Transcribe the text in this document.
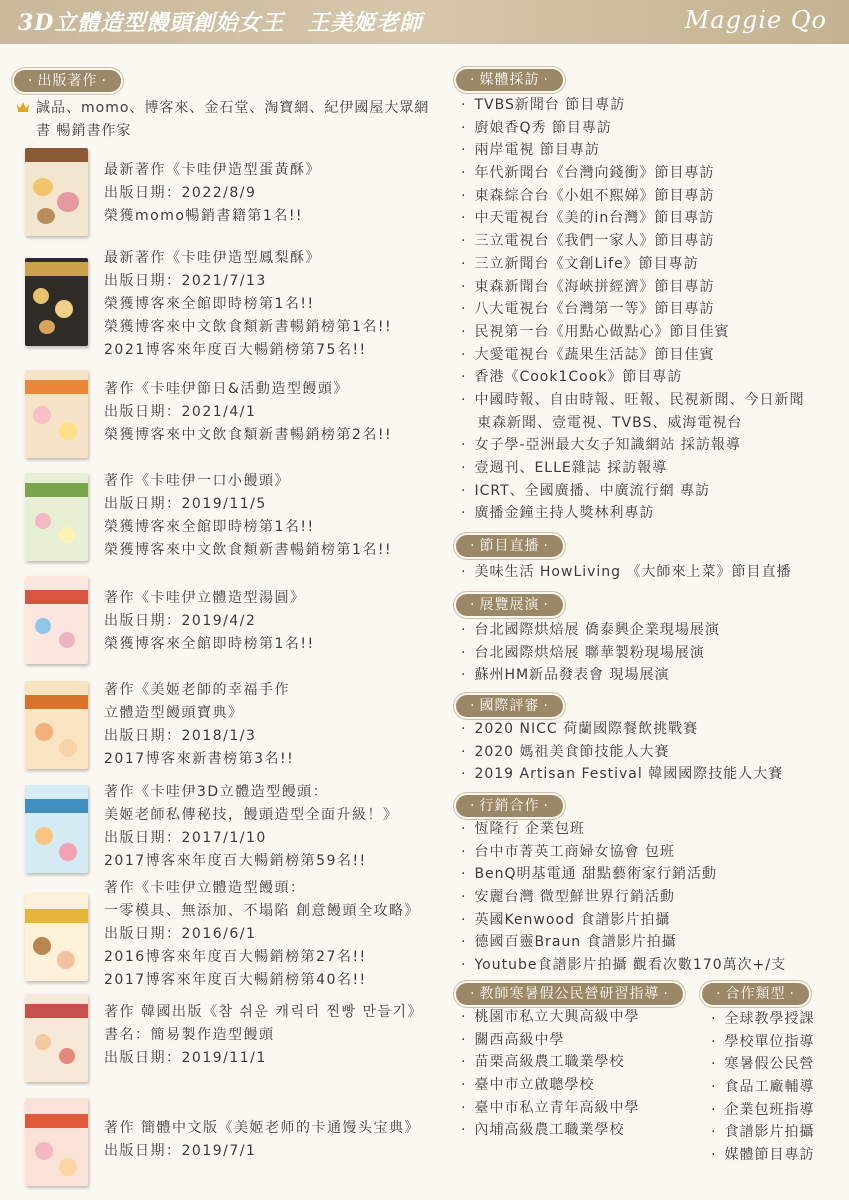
3D立體造型饅頭創始女王　王美姬老師	Maggie Qo
· 出版著作 ·
誠品、momo、博客來、金石堂、淘寶網、紀伊國屋大眾網書 暢銷書作家
最新著作《卡哇伊造型蛋黃酥》
出版日期：2022/8/9
榮獲momo暢銷書籍第1名!!
最新著作《卡哇伊造型鳳梨酥》
出版日期：2021/7/13
榮獲博客來全館即時榜第1名!!
榮獲博客來中文飲食類新書暢銷榜第1名!!
2021博客來年度百大暢銷榜第75名!!
著作《卡哇伊節日&活動造型饅頭》
出版日期：2021/4/1
榮獲博客來中文飲食類新書暢銷榜第2名!!
著作《卡哇伊一口小饅頭》
出版日期：2019/11/5
榮獲博客來全館即時榜第1名!!
榮獲博客來中文飲食類新書暢銷榜第1名!!
著作《卡哇伊立體造型湯圓》
出版日期：2019/4/2
榮獲博客來全館即時榜第1名!!
著作《美姬老師的幸福手作
立體造型饅頭寶典》
出版日期：2018/1/3
2017博客來新書榜第3名!!
著作《卡哇伊3D立體造型饅頭：
美姬老師私傳秘技，饅頭造型全面升級！》
出版日期：2017/1/10
2017博客來年度百大暢銷榜第59名!!
著作《卡哇伊立體造型饅頭：
一零模具、無添加、不塌陷 創意饅頭全攻略》
出版日期：2016/6/1
2016博客來年度百大暢銷榜第27名!!
2017博客來年度百大暢銷榜第40名!!
著作 韓國出版《참 쉬운 캐릭터 찐빵 만들기》
書名：簡易製作造型饅頭
出版日期：2019/11/1
著作 簡體中文版《美姬老师的卡通馒头宝典》
出版日期：2019/7/1
· 媒體採訪 ·
· TVBS新聞台 節目專訪
· 廚娘香Q秀 節目專訪
· 兩岸電視 節目專訪
· 年代新聞台《台灣向錢衝》節目專訪
· 東森綜合台《小姐不熙娣》節目專訪
· 中天電視台《美的in台灣》節目專訪
· 三立電視台《我們一家人》節目專訪
· 三立新聞台《文創Life》節目專訪
· 東森新聞台《海峽拼經濟》節目專訪
· 八大電視台《台灣第一等》節目專訪
· 民視第一台《用點心做點心》節目佳賓
· 大愛電視台《蔬果生活誌》節目佳賓
· 香港《Cook1Cook》節目專訪
· 中國時報、自由時報、旺報、民視新聞、今日新聞
東森新聞、壹電視、TVBS、威海電視台
· 女子學-亞洲最大女子知識網站 採訪報導
· 壹週刊、ELLE雜誌 採訪報導
· ICRT、全國廣播、中廣流行網 專訪
· 廣播金鐘主持人獎林利專訪
· 節目直播 ·
· 美味生活 HowLiving 《大師來上菜》節目直播
· 展覽展演 ·
· 台北國際烘焙展 僑泰興企業現場展演
· 台北國際烘焙展 聯華製粉現場展演
· 蘇州HM新品發表會 現場展演
· 國際評審 ·
· 2020 NICC 荷蘭國際餐飲挑戰賽
· 2020 媽祖美食節技能人大賽
· 2019 Artisan Festival 韓國國際技能人大賽
· 行銷合作 ·
· 恆隆行 企業包班
· 台中市菁英工商婦女協會 包班
· BenQ明基電通 甜點藝術家行銷活動
· 安麗台灣 微型鮮世界行銷活動
· 英國Kenwood 食譜影片拍攝
· 德國百靈Braun 食譜影片拍攝
· Youtube食譜影片拍攝 觀看次數170萬次+/支
· 教師寒暑假公民營研習指導 ·
· 桃園市私立大興高級中學
· 關西高級中學
· 苗栗高級農工職業學校
· 臺中市立啟聰學校
· 臺中市私立青年高級中學
· 內埔高級農工職業學校
· 合作類型 ·
· 全球教學授課
· 學校單位指導
· 寒暑假公民營
· 食品工廠輔導
· 企業包班指導
· 食譜影片拍攝
· 媒體節目專訪
